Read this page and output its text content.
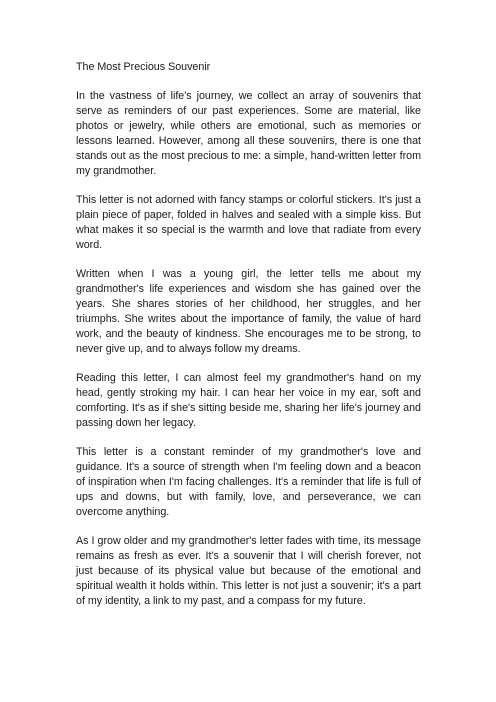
The Most Precious Souvenir

In the vastness of life's journey, we collect an array of souvenirs that serve as reminders of our past experiences. Some are material, like photos or jewelry, while others are emotional, such as memories or lessons learned. However, among all these souvenirs, there is one that stands out as the most precious to me: a simple, hand-written letter from my grandmother.

This letter is not adorned with fancy stamps or colorful stickers. It's just a plain piece of paper, folded in halves and sealed with a simple kiss. But what makes it so special is the warmth and love that radiate from every word.

Written when I was a young girl, the letter tells me about my grandmother's life experiences and wisdom she has gained over the years. She shares stories of her childhood, her struggles, and her triumphs. She writes about the importance of family, the value of hard work, and the beauty of kindness. She encourages me to be strong, to never give up, and to always follow my dreams.

Reading this letter, I can almost feel my grandmother's hand on my head, gently stroking my hair. I can hear her voice in my ear, soft and comforting. It's as if she's sitting beside me, sharing her life's journey and passing down her legacy.

This letter is a constant reminder of my grandmother's love and guidance. It's a source of strength when I'm feeling down and a beacon of inspiration when I'm facing challenges. It's a reminder that life is full of ups and downs, but with family, love, and perseverance, we can overcome anything.

As I grow older and my grandmother's letter fades with time, its message remains as fresh as ever. It's a souvenir that I will cherish forever, not just because of its physical value but because of the emotional and spiritual wealth it holds within. This letter is not just a souvenir; it's a part of my identity, a link to my past, and a compass for my future.
